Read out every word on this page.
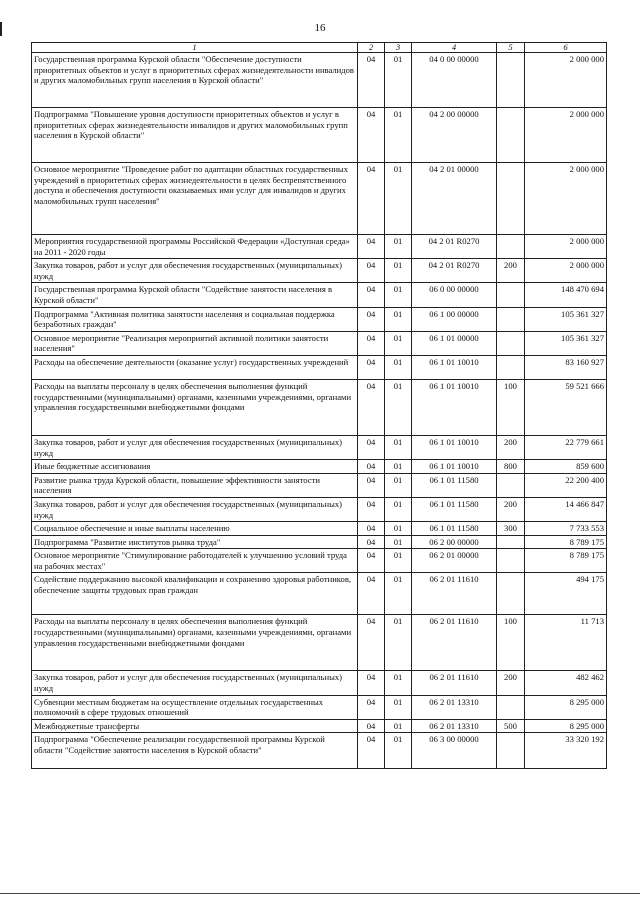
16
1	2	3	4	5	6
Государственная программа Курской области "Обеспечение доступности приоритетных объектов и услуг в приоритетных сферах жизнедеятельности инвалидов и других маломобильных групп населения в Курской области"	04	01	04 0 00 00000		2 000 000
Подпрограмма "Повышение уровня доступности приоритетных объектов и услуг в приоритетных сферах жизнедеятельности инвалидов и других маломобильных групп населения в Курской области"	04	01	04 2 00 00000		2 000 000
Основное мероприятие "Проведение работ по адаптации областных государственных учреждений в приоритетных сферах жизнедеятельности в целях беспрепятственного доступа и обеспечения доступности оказываемых ими услуг для инвалидов и других маломобильных групп населения"	04	01	04 2 01 00000		2 000 000
Мероприятия государственной программы Российской Федерации «Доступная среда» на 2011 - 2020 годы	04	01	04 2 01 R0270		2 000 000
Закупка товаров, работ и услуг для обеспечения государственных (муниципальных) нужд	04	01	04 2 01 R0270	200	2 000 000
Государственная программа Курской области "Содействие занятости населения в Курской области"	04	01	06 0 00 00000		148 470 694
Подпрограмма "Активная политика занятости населения и социальная поддержка безработных граждан"	04	01	06 1 00 00000		105 361 327
Основное мероприятие "Реализация мероприятий активной политики занятости населения"	04	01	06 1 01 00000		105 361 327
Расходы на обеспечение деятельности (оказание услуг) государственных учреждений	04	01	06 1 01 10010		83 160 927
Расходы на выплаты персоналу в целях обеспечения выполнения функций государственными (муниципальными) органами, казенными учреждениями, органами управления государственными внебюджетными фондами	04	01	06 1 01 10010	100	59 521 666
Закупка товаров, работ и услуг для обеспечения государственных (муниципальных) нужд	04	01	06 1 01 10010	200	22 779 661
Иные бюджетные ассигнования	04	01	06 1 01 10010	800	859 600
Развитие рынка труда Курской области, повышение эффективности занятости населения	04	01	06 1 01 11580		22 200 400
Закупка товаров, работ и услуг для обеспечения государственных (муниципальных) нужд	04	01	06 1 01 11580	200	14 466 847
Социальное обеспечение и иные выплаты населению	04	01	06 1 01 11580	300	7 733 553
Подпрограмма "Развитие институтов рынка труда"	04	01	06 2 00 00000		8 789 175
Основное мероприятие "Стимулирование работодателей к улучшению условий труда на рабочих местах"	04	01	06 2 01 00000		8 789 175
Содействие поддержанию высокой квалификации и сохранению здоровья работников, обеспечение защиты трудовых прав граждан	04	01	06 2 01 11610		494 175
Расходы на выплаты персоналу в целях обеспечения выполнения функций государственными (муниципальными) органами, казенными учреждениями, органами управления государственными внебюджетными фондами	04	01	06 2 01 11610	100	11 713
Закупка товаров, работ и услуг для обеспечения государственных (муниципальных) нужд	04	01	06 2 01 11610	200	482 462
Субвенции местным бюджетам на осуществление отдельных государственных полномочий в сфере трудовых отношений	04	01	06 2 01 13310		8 295 000
Межбюджетные трансферты	04	01	06 2 01 13310	500	8 295 000
Подпрограмма "Обеспечение реализации государственной программы Курской области "Содействие занятости населения в Курской области"	04	01	06 3 00 00000		33 320 192
